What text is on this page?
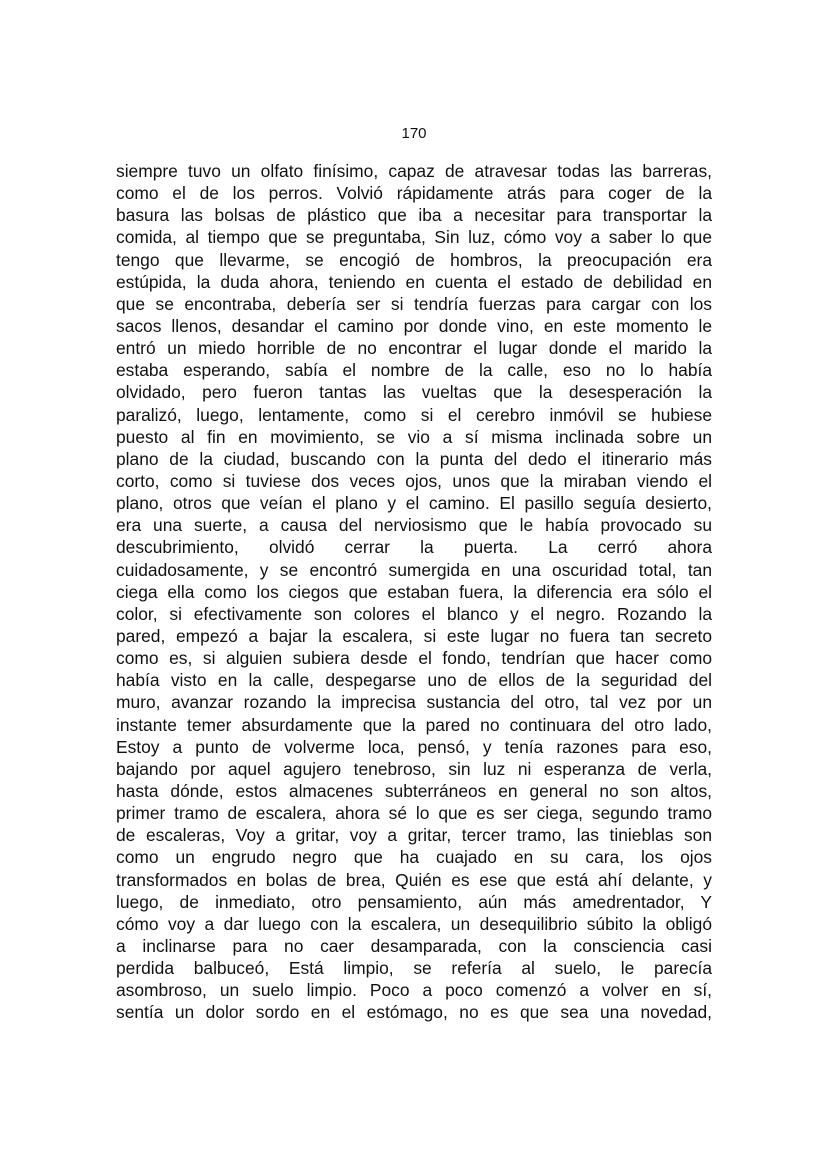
170
siempre tuvo un olfato finísimo, capaz de atravesar todas las barreras,
como el de los perros. Volvió rápidamente atrás para coger de la
basura las bolsas de plástico que iba a necesitar para transportar la
comida, al tiempo que se preguntaba, Sin luz, cómo voy a saber lo que
tengo que llevarme, se encogió de hombros, la preocupación era
estúpida, la duda ahora, teniendo en cuenta el estado de debilidad en
que se encontraba, debería ser si tendría fuerzas para cargar con los
sacos llenos, desandar el camino por donde vino, en este momento le
entró un miedo horrible de no encontrar el lugar donde el marido la
estaba esperando, sabía el nombre de la calle, eso no lo había
olvidado, pero fueron tantas las vueltas que la desesperación la
paralizó, luego, lentamente, como si el cerebro inmóvil se hubiese
puesto al fin en movimiento, se vio a sí misma inclinada sobre un
plano de la ciudad, buscando con la punta del dedo el itinerario más
corto, como si tuviese dos veces ojos, unos que la miraban viendo el
plano, otros que veían el plano y el camino. El pasillo seguía desierto,
era una suerte, a causa del nerviosismo que le había provocado su
descubrimiento, olvidó cerrar la puerta. La cerró ahora
cuidadosamente, y se encontró sumergida en una oscuridad total, tan
ciega ella como los ciegos que estaban fuera, la diferencia era sólo el
color, si efectivamente son colores el blanco y el negro. Rozando la
pared, empezó a bajar la escalera, si este lugar no fuera tan secreto
como es, si alguien subiera desde el fondo, tendrían que hacer como
había visto en la calle, despegarse uno de ellos de la seguridad del
muro, avanzar rozando la imprecisa sustancia del otro, tal vez por un
instante temer absurdamente que la pared no continuara del otro lado,
Estoy a punto de volverme loca, pensó, y tenía razones para eso,
bajando por aquel agujero tenebroso, sin luz ni esperanza de verla,
hasta dónde, estos almacenes subterráneos en general no son altos,
primer tramo de escalera, ahora sé lo que es ser ciega, segundo tramo
de escaleras, Voy a gritar, voy a gritar, tercer tramo, las tinieblas son
como un engrudo negro que ha cuajado en su cara, los ojos
transformados en bolas de brea, Quién es ese que está ahí delante, y
luego, de inmediato, otro pensamiento, aún más amedrentador, Y
cómo voy a dar luego con la escalera, un desequilibrio súbito la obligó
a inclinarse para no caer desamparada, con la consciencia casi
perdida balbuceó, Está limpio, se refería al suelo, le parecía
asombroso, un suelo limpio. Poco a poco comenzó a volver en sí,
sentía un dolor sordo en el estómago, no es que sea una novedad,
